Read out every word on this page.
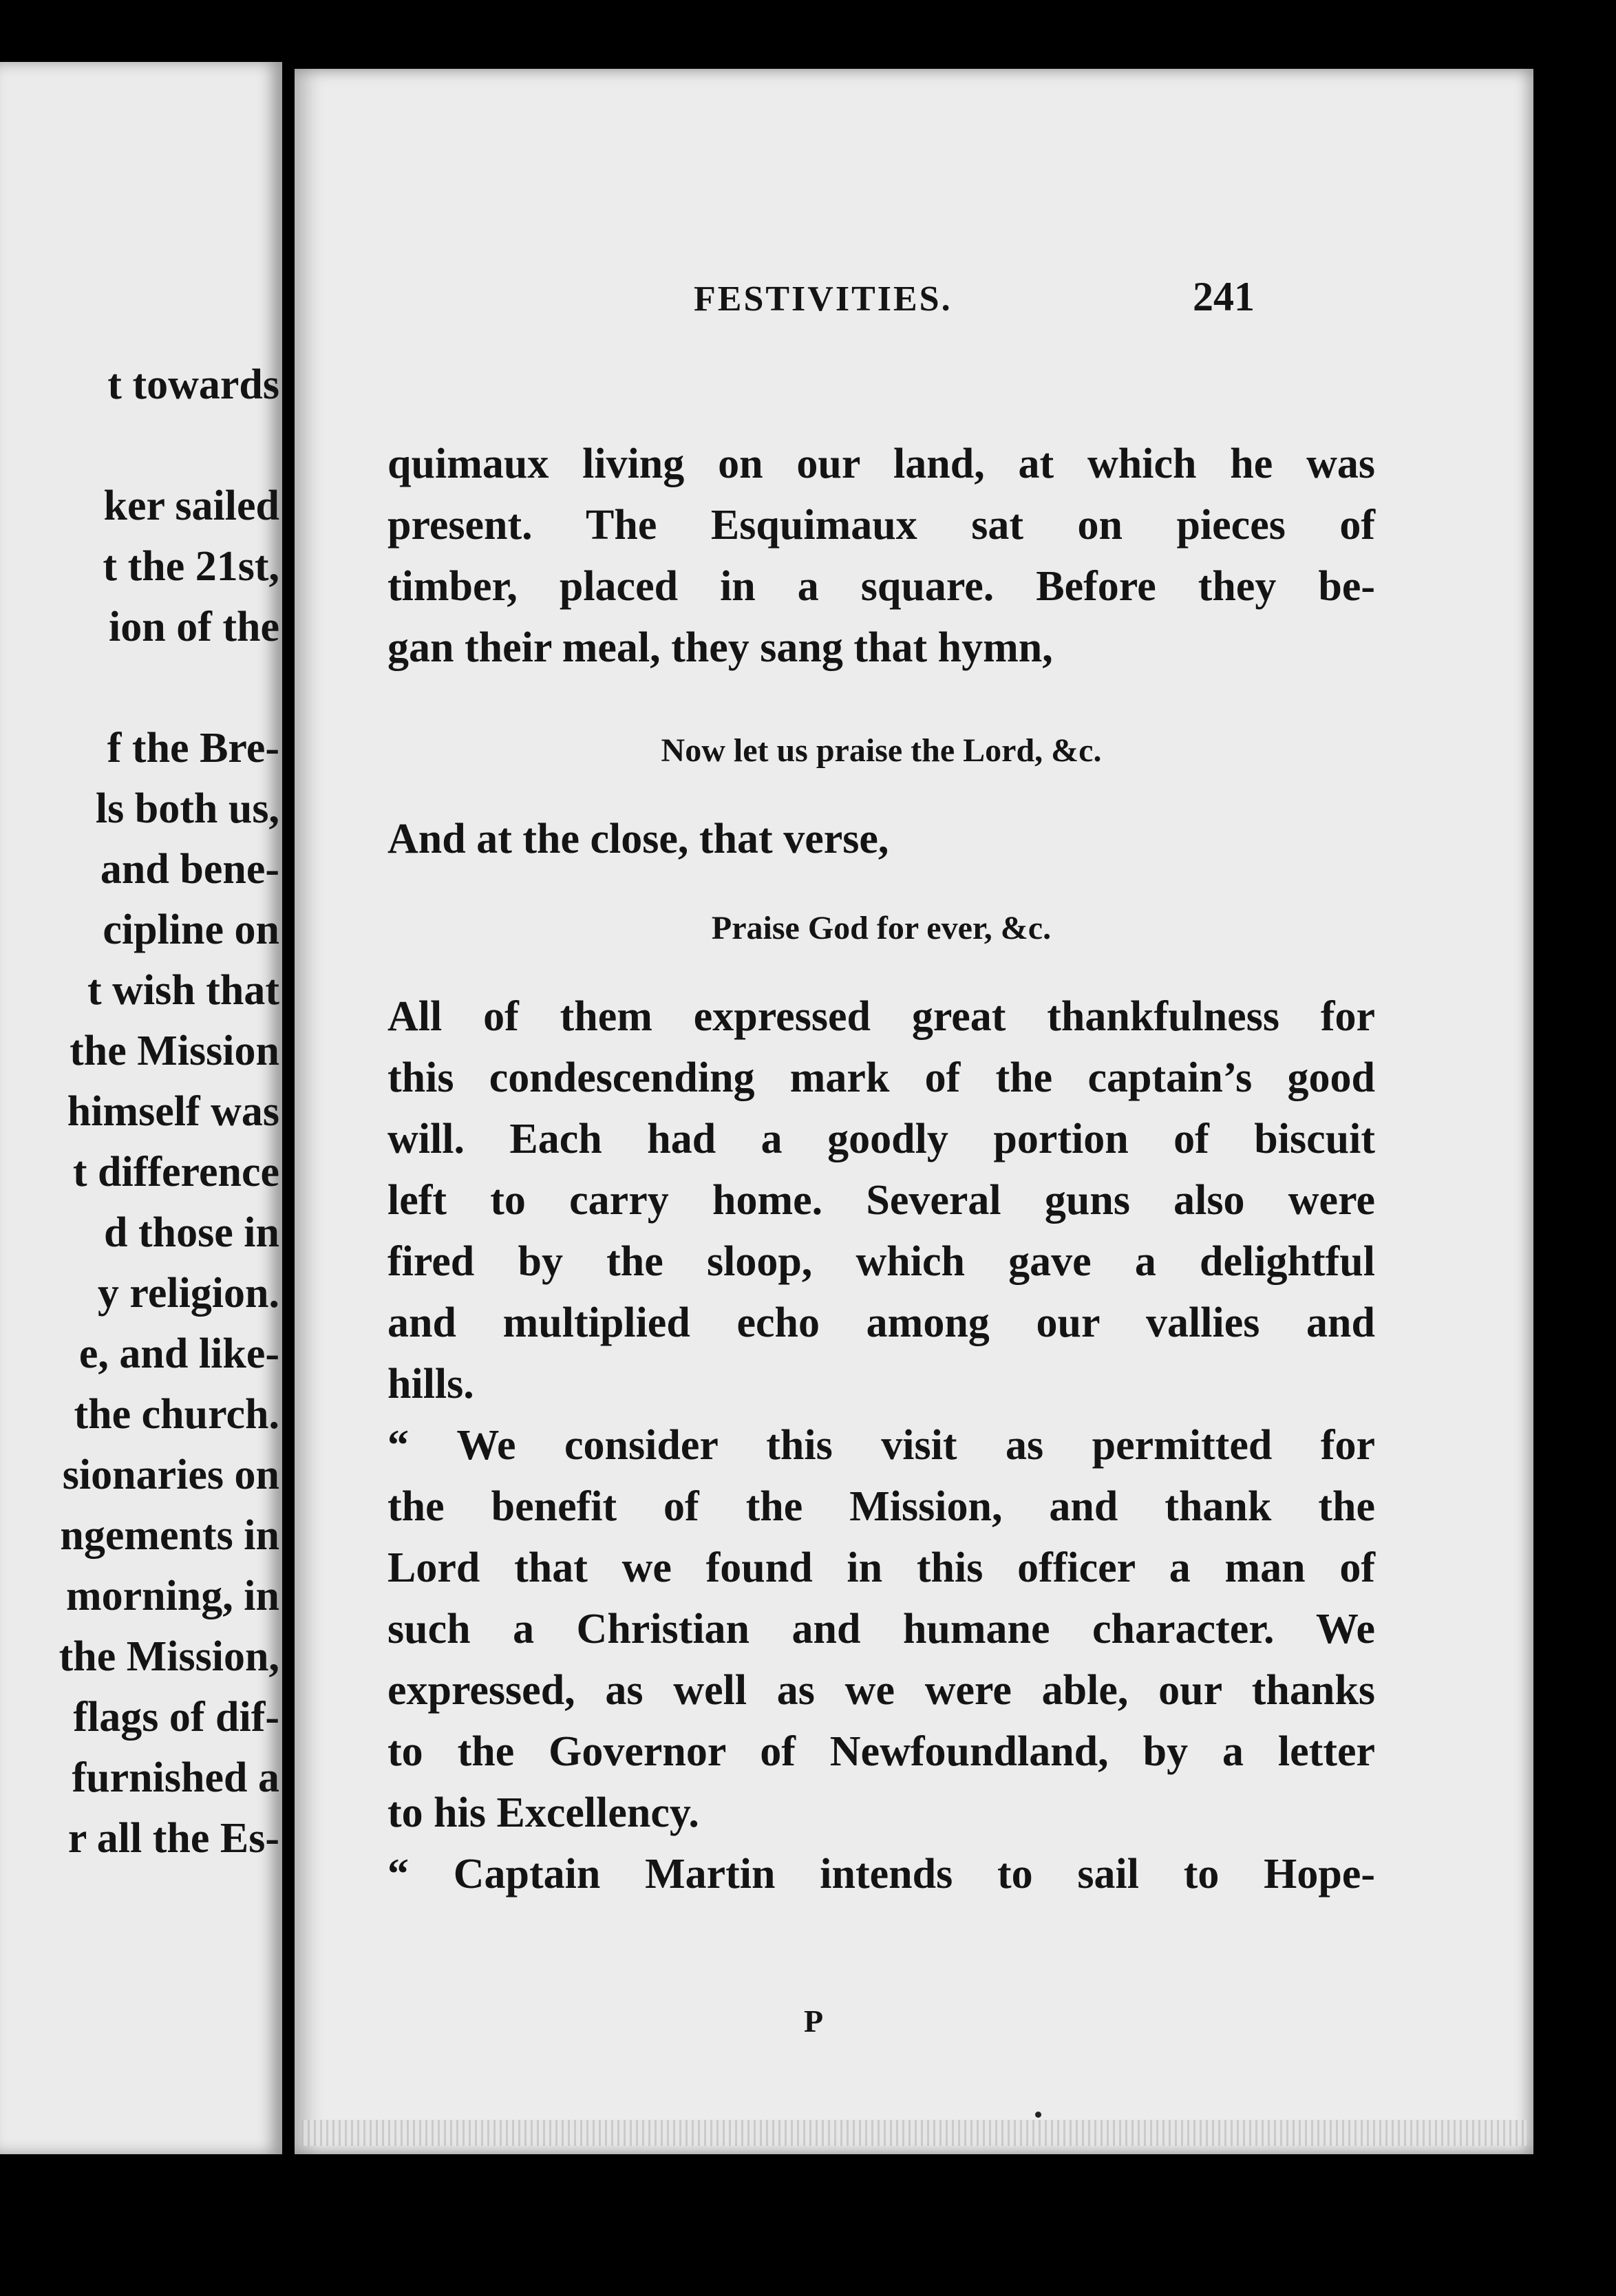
t towards
ker sailed
t the 21st,
ion of the
f the Bre-
ls both us,
and bene-
cipline on
t wish that
the Mission
himself was
t difference
d those in
y religion.
e, and like-
the church.
sionaries on
ngements in
morning, in
the Mission,
flags of dif-
furnished a
r all the Es-

FESTIVITIES.	241

quimaux living on our land, at which he was
present. The Esquimaux sat on pieces of
timber, placed in a square. Before they be-
gan their meal, they sang that hymn,
Now let us praise the Lord, &c.
And at the close, that verse,
Praise God for ever, &c.
All of them expressed great thankfulness for
this condescending mark of the captain’s good
will. Each had a goodly portion of biscuit
left to carry home. Several guns also were
fired by the sloop, which gave a delightful
and multiplied echo among our vallies and
hills.
“ We consider this visit as permitted for
the benefit of the Mission, and thank the
Lord that we found in this officer a man of
such a Christian and humane character. We
expressed, as well as we were able, our thanks
to the Governor of Newfoundland, by a letter
to his Excellency.
“ Captain Martin intends to sail to Hope-

P
